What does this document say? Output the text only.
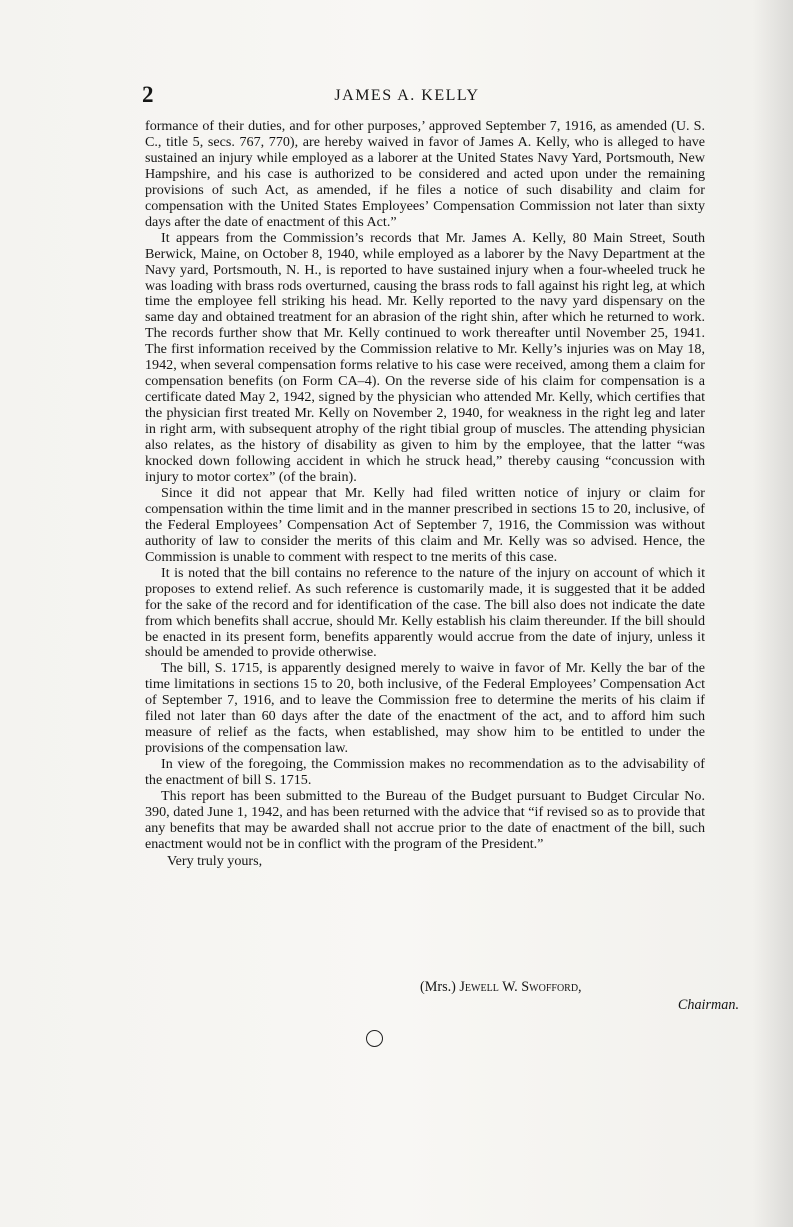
2	JAMES A. KELLY

formance of their duties, and for other purposes,’ approved September 7, 1916, as amended (U. S. C., title 5, secs. 767, 770), are hereby waived in favor of James A. Kelly, who is alleged to have sustained an injury while employed as a laborer at the United States Navy Yard, Portsmouth, New Hampshire, and his case is authorized to be considered and acted upon under the remaining provisions of such Act, as amended, if he files a notice of such disability and claim for compensation with the United States Employees’ Compensation Commission not later than sixty days after the date of enactment of this Act.”

It appears from the Commission’s records that Mr. James A. Kelly, 80 Main Street, South Berwick, Maine, on October 8, 1940, while employed as a laborer by the Navy Department at the Navy yard, Portsmouth, N. H., is reported to have sustained injury when a four-wheeled truck he was loading with brass rods overturned, causing the brass rods to fall against his right leg, at which time the employee fell striking his head. Mr. Kelly reported to the navy yard dispensary on the same day and obtained treatment for an abrasion of the right shin, after which he returned to work. The records further show that Mr. Kelly continued to work thereafter until November 25, 1941. The first information received by the Commission relative to Mr. Kelly’s injuries was on May 18, 1942, when several compensation forms relative to his case were received, among them a claim for compensation benefits (on Form CA–4). On the reverse side of his claim for compensation is a certificate dated May 2, 1942, signed by the physician who attended Mr. Kelly, which certifies that the physician first treated Mr. Kelly on November 2, 1940, for weakness in the right leg and later in right arm, with subsequent atrophy of the right tibial group of muscles. The attending physician also relates, as the history of disability as given to him by the employee, that the latter “was knocked down following accident in which he struck head,” thereby causing “concussion with injury to motor cortex” (of the brain).

Since it did not appear that Mr. Kelly had filed written notice of injury or claim for compensation within the time limit and in the manner prescribed in sections 15 to 20, inclusive, of the Federal Employees’ Compensation Act of September 7, 1916, the Commission was without authority of law to consider the merits of this claim and Mr. Kelly was so advised. Hence, the Commission is unable to comment with respect to tne merits of this case.

It is noted that the bill contains no reference to the nature of the injury on account of which it proposes to extend relief. As such reference is customarily made, it is suggested that it be added for the sake of the record and for identification of the case. The bill also does not indicate the date from which benefits shall accrue, should Mr. Kelly establish his claim thereunder. If the bill should be enacted in its present form, benefits apparently would accrue from the date of injury, unless it should be amended to provide otherwise.

The bill, S. 1715, is apparently designed merely to waive in favor of Mr. Kelly the bar of the time limitations in sections 15 to 20, both inclusive, of the Federal Employees’ Compensation Act of September 7, 1916, and to leave the Commission free to determine the merits of his claim if filed not later than 60 days after the date of the enactment of the act, and to afford him such measure of relief as the facts, when established, may show him to be entitled to under the provisions of the compensation law.

In view of the foregoing, the Commission makes no recommendation as to the advisability of the enactment of bill S. 1715.

This report has been submitted to the Bureau of the Budget pursuant to Budget Circular No. 390, dated June 1, 1942, and has been returned with the advice that “if revised so as to provide that any benefits that may be awarded shall not accrue prior to the date of enactment of the bill, such enactment would not be in conflict with the program of the President.”

Very truly yours,
(Mrs.) Jewell W. Swofford,
Chairman.
